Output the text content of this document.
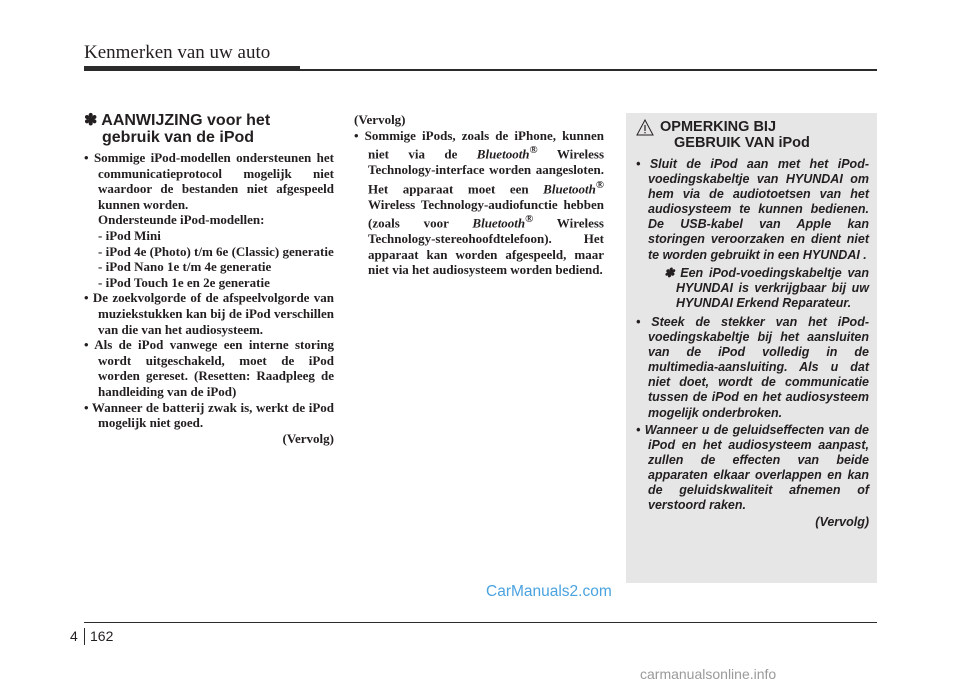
Kenmerken van uw auto
✽ AANWIJZING voor het
gebruik van de iPod
• Sommige iPod-modellen ondersteunen het communicatieprotocol mogelijk niet waardoor de bestanden niet afgespeeld kunnen worden.
Ondersteunde iPod-modellen:
- iPod Mini
- iPod 4e (Photo) t/m 6e (Classic) generatie
- iPod Nano 1e t/m 4e generatie
- iPod Touch 1e en 2e generatie
• De zoekvolgorde of de afspeelvolgorde van muziekstukken kan bij de iPod verschillen van die van het audiosysteem.
• Als de iPod vanwege een interne storing wordt uitgeschakeld, moet de iPod worden gereset. (Resetten: Raadpleeg de handleiding van de iPod)
• Wanneer de batterij zwak is, werkt de iPod mogelijk niet goed.
(Vervolg)
(Vervolg)
• Sommige iPods, zoals de iPhone, kunnen niet via de Bluetooth® Wireless Technology-interface worden aangesloten. Het apparaat moet een Bluetooth® Wireless Technology-audiofunctie hebben (zoals voor Bluetooth® Wireless Technology-stereohoofdtelefoon). Het apparaat kan worden afgespeeld, maar niet via het audiosysteem worden bediend.
OPMERKING BIJ
GEBRUIK VAN iPod
• Sluit de iPod aan met het iPod-voedingskabeltje van HYUNDAI om hem via de audiotoetsen van het audiosysteem te kunnen bedienen. De USB-kabel van Apple kan storingen veroorzaken en dient niet te worden gebruikt in een HYUNDAI .
✽ Een iPod-voedingskabeltje van HYUNDAI is verkrijgbaar bij uw HYUNDAI Erkend Reparateur.
• Steek de stekker van het iPod-voedingskabeltje bij het aansluiten van de iPod volledig in de multimedia-aansluiting. Als u dat niet doet, wordt de communicatie tussen de iPod en het audiosysteem mogelijk onderbroken.
• Wanneer u de geluidseffecten van de iPod en het audiosysteem aanpast, zullen de effecten van beide apparaten elkaar overlappen en kan de geluidskwaliteit afnemen of verstoord raken.
(Vervolg)
CarManuals2.com
4 162
carmanualsonline.info
